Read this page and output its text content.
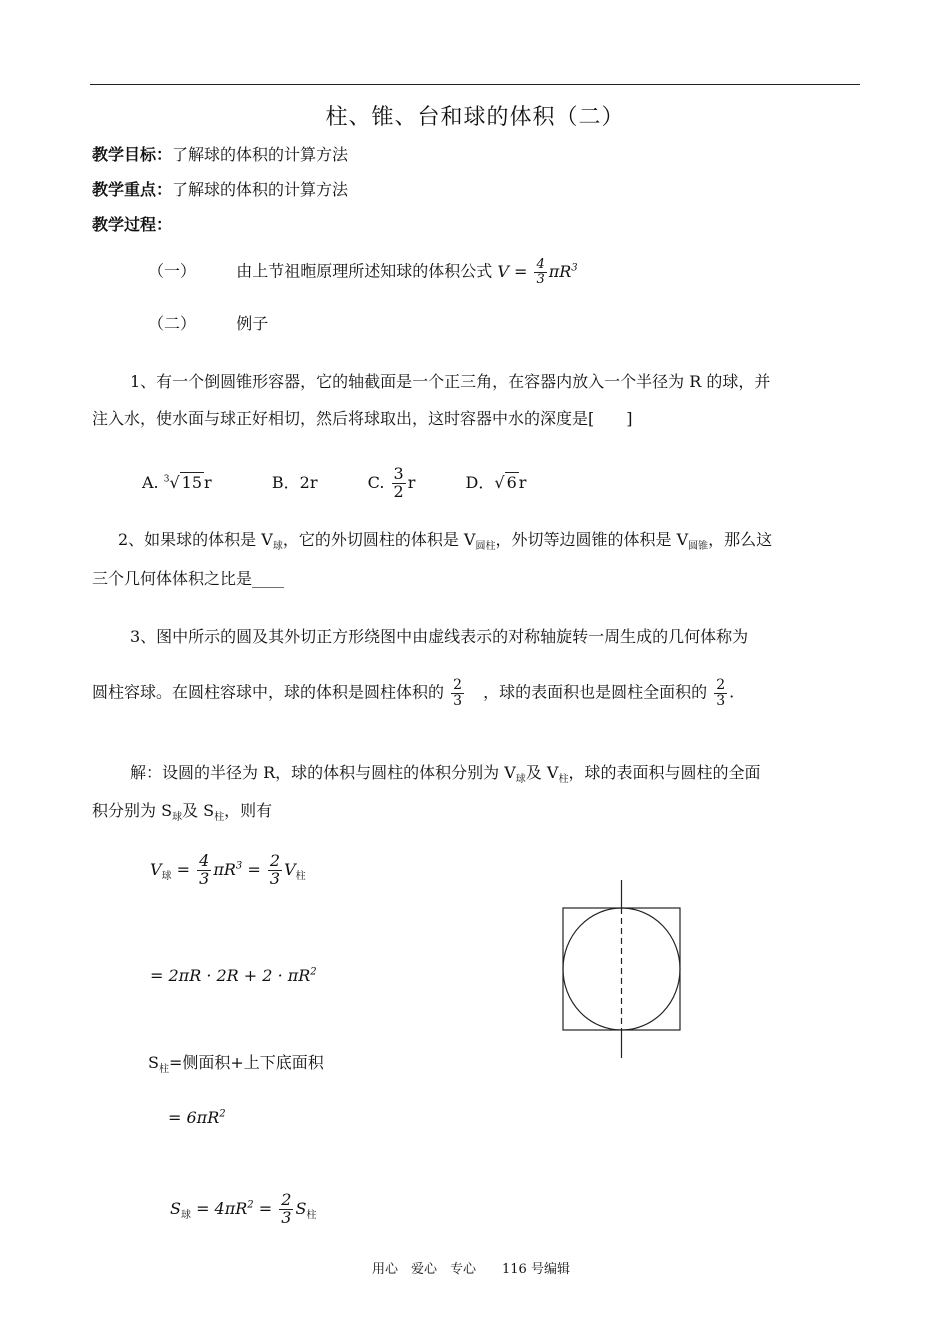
柱、锥、台和球的体积（二）
教学目标：了解球的体积的计算方法
教学重点：了解球的体积的计算方法
教学过程：
（一）	由上节祖暅原理所述知球的体积公式 $V = \frac{4}{3} \pi R^3$
（二）	例子
1、有一个倒圆锥形容器，它的轴截面是一个正三角，在容器内放入一个半径为 R 的球，并
注入水，使水面与球正好相切，然后将球取出，这时容器中水的深度是[　　]
A. $^3$√ 15 r	B．2r	C. $\frac{3}{2}$ r	D．√ 6 r
2、如果球的体积是 $V_球$，它的外切圆柱的体积是 $V_{圆柱}$，外切等边圆锥的体积是 $V_{圆锥}$，那么这
三个几何体体积之比是____
3、图中所示的圆及其外切正方形绕图中由虚线表示的对称轴旋转一周生成的几何体称为
圆柱容球。在圆柱容球中，球的体积是圆柱体积的 $\frac{2}{3}$ ，球的表面积也是圆柱全面积的 $\frac{2}{3}$ .
解：设圆的半径为 R，球的体积与圆柱的体积分别为 $V_球$及 $V_柱$，球的表面积与圆柱的全面
积分别为 $S_球$及 $S_柱$，则有
$V_球 = \frac{4}{3} \pi R^3 = \frac{2}{3} V_柱$
= $2\pi R \cdot 2R + 2 \cdot \pi R^2$
$S_柱=$侧面积+上下底面积
= $6\pi R^2$
$S_球 = 4\pi R^2 = \frac{2}{3} S_柱$
用心　爱心　专心　　116 号编辑
